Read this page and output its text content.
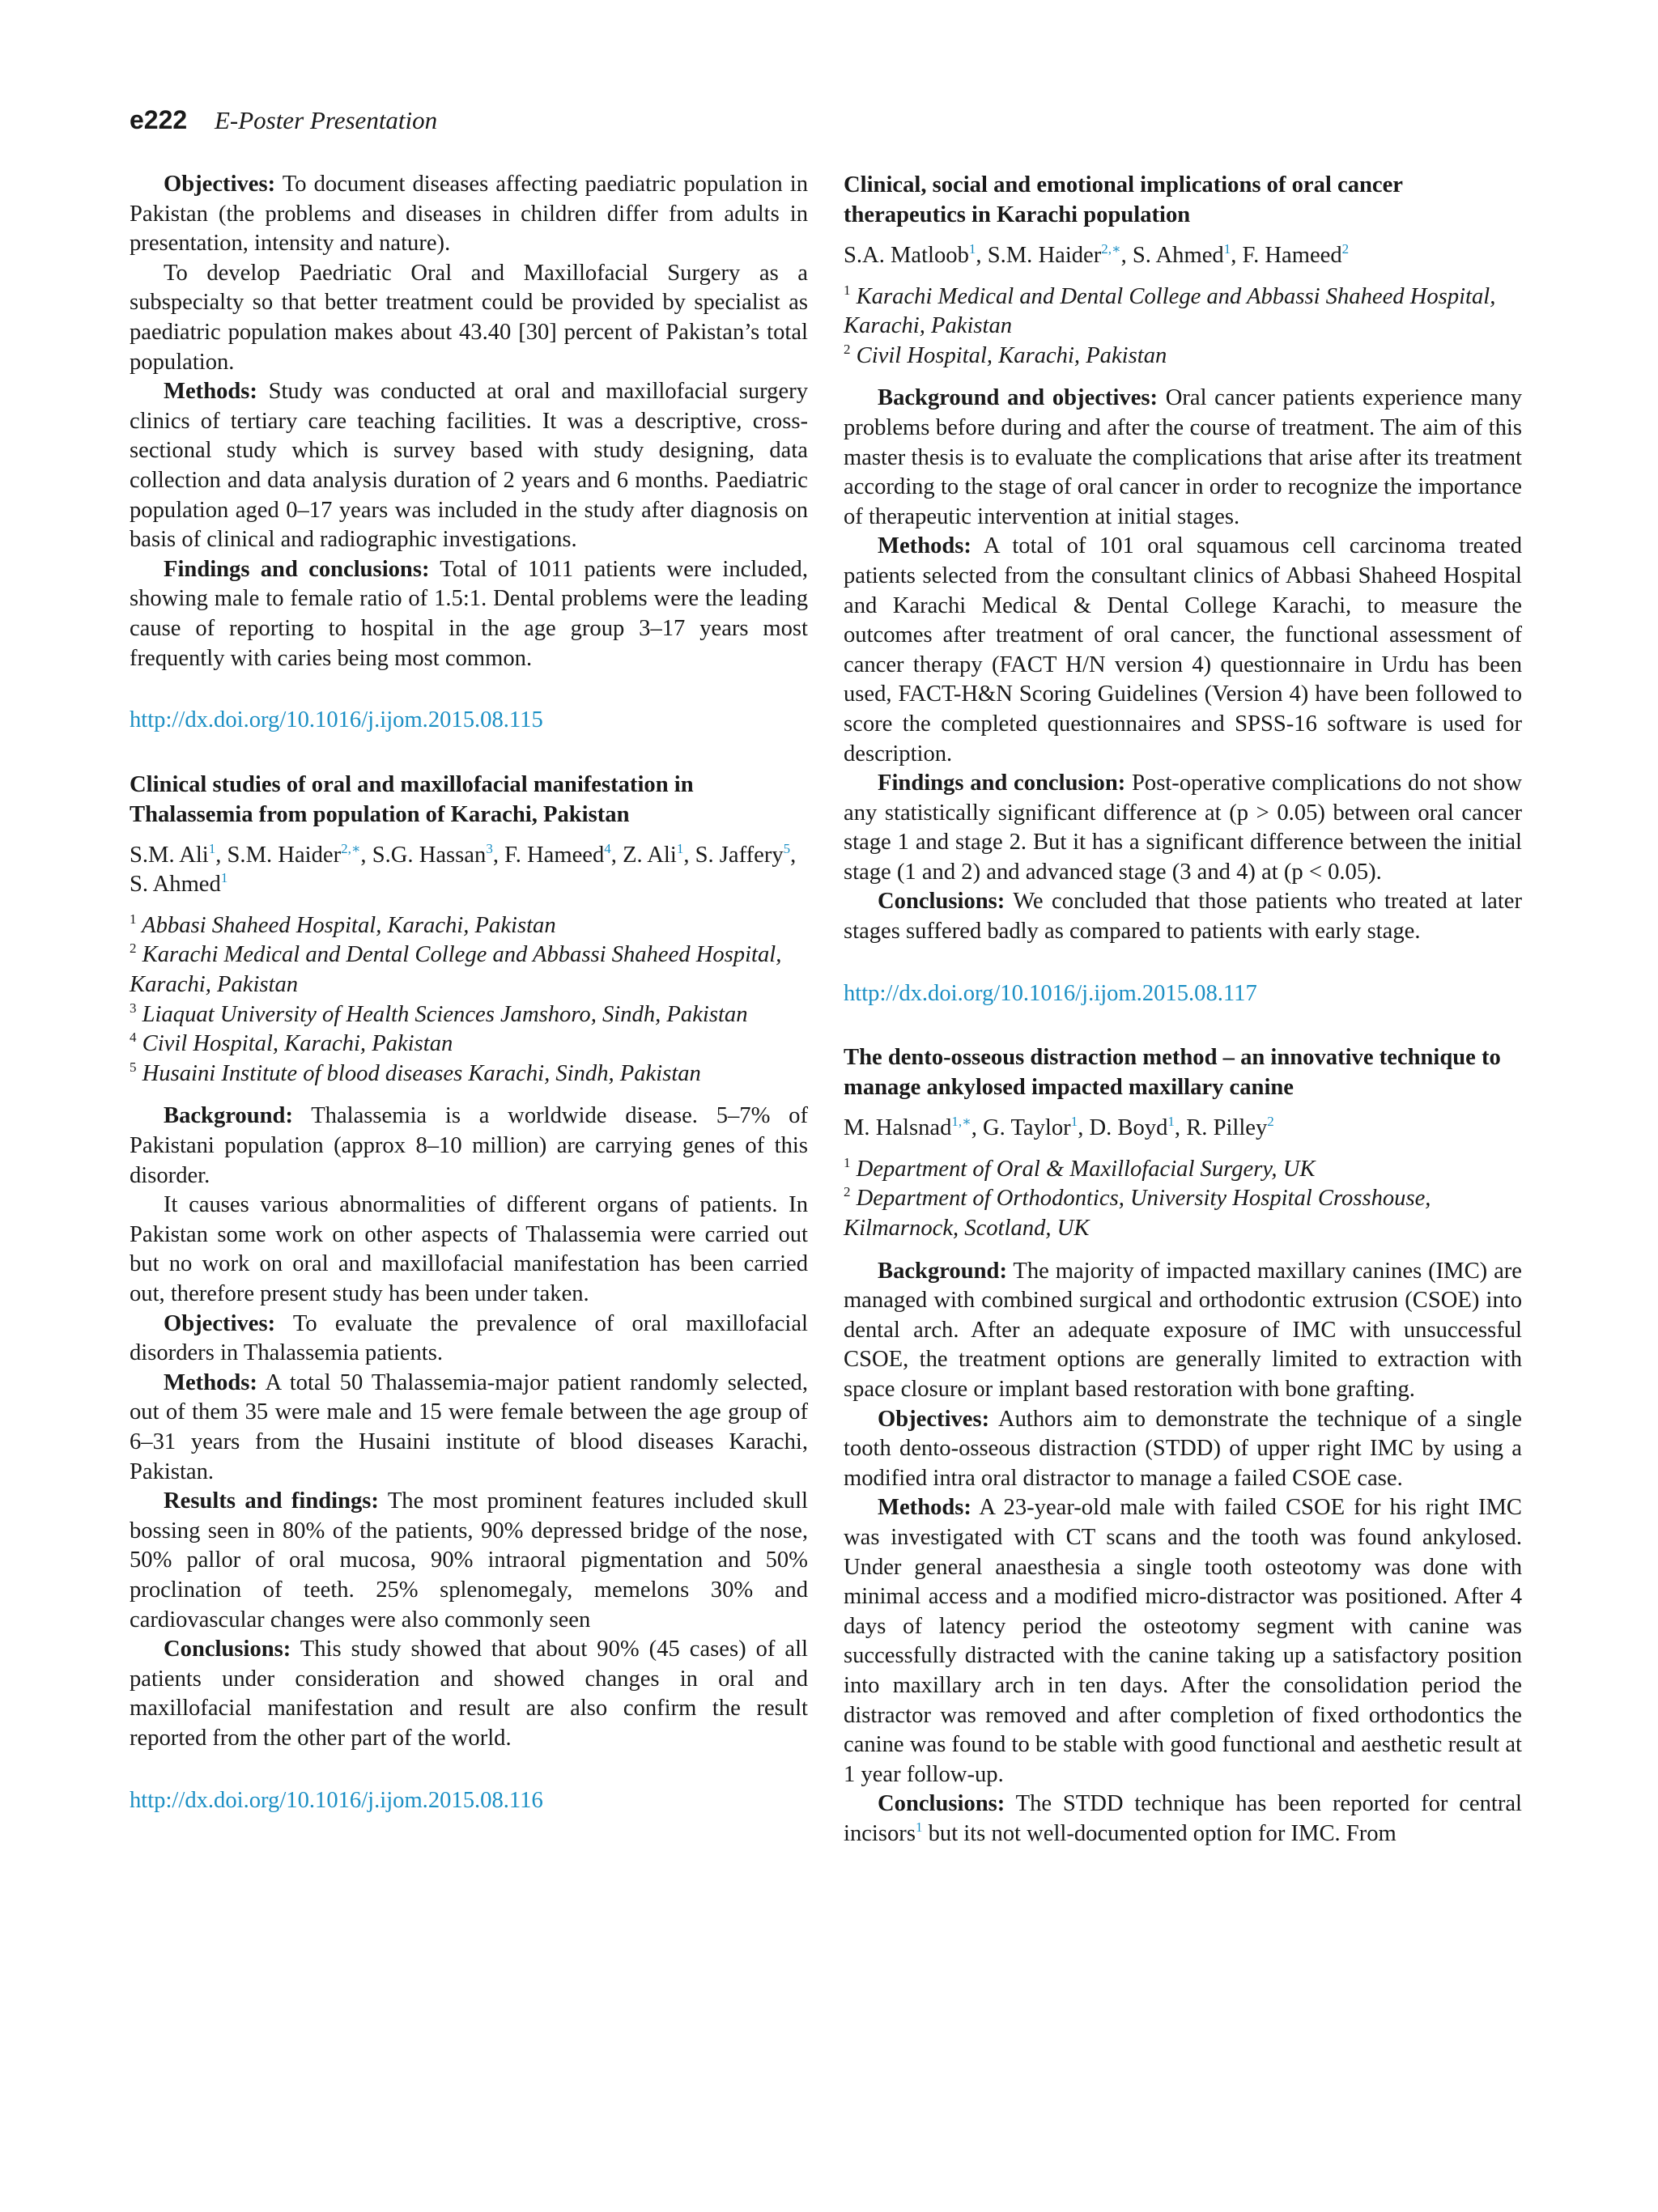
e222 E-Poster Presentation

Objectives: To document diseases affecting paediatric population in Pakistan (the problems and diseases in children differ from adults in presentation, intensity and nature).

To develop Paedriatic Oral and Maxillofacial Surgery as a subspecialty so that better treatment could be provided by specialist as paediatric population makes about 43.40 [30] percent of Pakistan’s total population.

Methods: Study was conducted at oral and maxillofacial surgery clinics of tertiary care teaching facilities. It was a descriptive, cross-sectional study which is survey based with study designing, data collection and data analysis duration of 2 years and 6 months. Paediatric population aged 0–17 years was included in the study after diagnosis on basis of clinical and radiographic investigations.

Findings and conclusions: Total of 1011 patients were included, showing male to female ratio of 1.5:1. Dental problems were the leading cause of reporting to hospital in the age group 3–17 years most frequently with caries being most common.

http://dx.doi.org/10.1016/j.ijom.2015.08.115
Clinical studies of oral and maxillofacial manifestation in Thalassemia from population of Karachi, Pakistan

S.M. Ali$^1$, S.M. Haider$^{2,∗}$, S.G. Hassan$^3$, F. Hameed$^4$, Z. Ali$^1$, S. Jaffery$^5$, S. Ahmed$^1$

$^1$ Abbasi Shaheed Hospital, Karachi, Pakistan

$^2$ Karachi Medical and Dental College and Abbassi Shaheed Hospital, Karachi, Pakistan

$^3$ Liaquat University of Health Sciences Jamshoro, Sindh, Pakistan

$^4$ Civil Hospital, Karachi, Pakistan

$^5$ Husaini Institute of blood diseases Karachi, Sindh, Pakistan

Background: Thalassemia is a worldwide disease. 5–7% of Pakistani population (approx 8–10 million) are carrying genes of this disorder.

It causes various abnormalities of different organs of patients. In Pakistan some work on other aspects of Thalassemia were carried out but no work on oral and maxillofacial manifestation has been carried out, therefore present study has been under taken.

Objectives: To evaluate the prevalence of oral maxillofacial disorders in Thalassemia patients.

Methods: A total 50 Thalassemia-major patient randomly selected, out of them 35 were male and 15 were female between the age group of 6–31 years from the Husaini institute of blood diseases Karachi, Pakistan.

Results and findings: The most prominent features included skull bossing seen in 80% of the patients, 90% depressed bridge of the nose, 50% pallor of oral mucosa, 90% intraoral pigmentation and 50% proclination of teeth. 25% splenomegaly, memelons 30% and cardiovascular changes were also commonly seen

Conclusions: This study showed that about 90% (45 cases) of all patients under consideration and showed changes in oral and maxillofacial manifestation and result are also confirm the result reported from the other part of the world.

http://dx.doi.org/10.1016/j.ijom.2015.08.116
Clinical, social and emotional implications of oral cancer therapeutics in Karachi population

S.A. Matloob$^1$, S.M. Haider$^{2,∗}$, S. Ahmed$^1$, F. Hameed$^2$

$^1$ Karachi Medical and Dental College and Abbassi Shaheed Hospital, Karachi, Pakistan

$^2$ Civil Hospital, Karachi, Pakistan

Background and objectives: Oral cancer patients experience many problems before during and after the course of treatment. The aim of this master thesis is to evaluate the complications that arise after its treatment according to the stage of oral cancer in order to recognize the importance of therapeutic intervention at initial stages.

Methods: A total of 101 oral squamous cell carcinoma treated patients selected from the consultant clinics of Abbasi Shaheed Hospital and Karachi Medical & Dental College Karachi, to measure the outcomes after treatment of oral cancer, the functional assessment of cancer therapy (FACT H/N version 4) questionnaire in Urdu has been used, FACT-H&N Scoring Guidelines (Version 4) have been followed to score the completed questionnaires and SPSS-16 software is used for description.

Findings and conclusion: Post-operative complications do not show any statistically significant difference at (p > 0.05) between oral cancer stage 1 and stage 2. But it has a significant difference between the initial stage (1 and 2) and advanced stage (3 and 4) at (p < 0.05).

Conclusions: We concluded that those patients who treated at later stages suffered badly as compared to patients with early stage.

http://dx.doi.org/10.1016/j.ijom.2015.08.117
The dento-osseous distraction method – an innovative technique to manage ankylosed impacted maxillary canine

M. Halsnad$^{1,∗}$, G. Taylor$^1$, D. Boyd$^1$, R. Pilley$^2$

$^1$ Department of Oral & Maxillofacial Surgery, UK

$^2$ Department of Orthodontics, University Hospital Crosshouse, Kilmarnock, Scotland, UK

Background: The majority of impacted maxillary canines (IMC) are managed with combined surgical and orthodontic extrusion (CSOE) into dental arch. After an adequate exposure of IMC with unsuccessful CSOE, the treatment options are generally limited to extraction with space closure or implant based restoration with bone grafting.

Objectives: Authors aim to demonstrate the technique of a single tooth dento-osseous distraction (STDD) of upper right IMC by using a modified intra oral distractor to manage a failed CSOE case.

Methods: A 23-year-old male with failed CSOE for his right IMC was investigated with CT scans and the tooth was found ankylosed. Under general anaesthesia a single tooth osteotomy was done with minimal access and a modified micro-distractor was positioned. After 4 days of latency period the osteotomy segment with canine was successfully distracted with the canine taking up a satisfactory position into maxillary arch in ten days. After the consolidation period the distractor was removed and after completion of fixed orthodontics the canine was found to be stable with good functional and aesthetic result at 1 year follow-up.

Conclusions: The STDD technique has been reported for central incisors$^1$ but its not well-documented option for IMC. From
